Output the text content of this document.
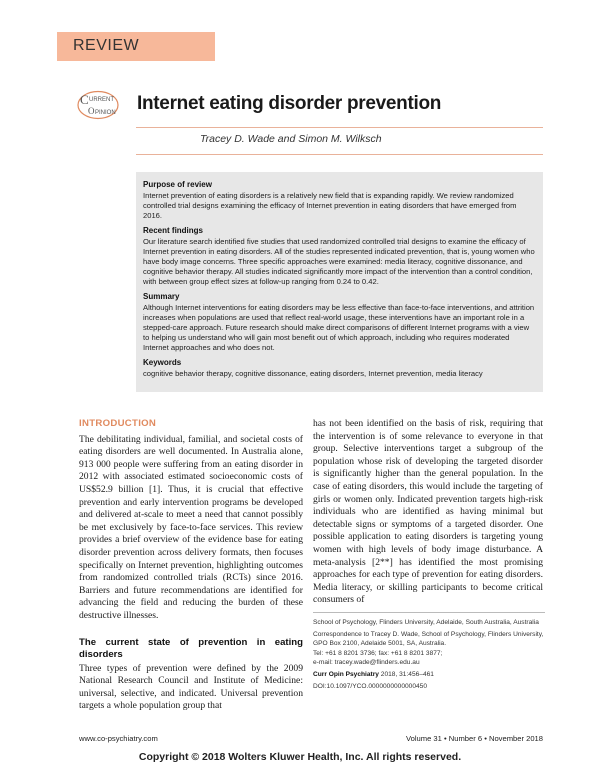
REVIEW
C URRENT
O PINION Internet eating disorder prevention
Tracey D. Wade and Simon M. Wilksch
Purpose of review

Internet prevention of eating disorders is a relatively new field that is expanding rapidly. We review randomized controlled trial designs examining the efficacy of Internet prevention in eating disorders that have emerged from 2016.

Recent findings

Our literature search identified five studies that used randomized controlled trial designs to examine the efficacy of Internet prevention in eating disorders. All of the studies represented indicated prevention, that is, young women who have body image concerns. Three specific approaches were examined: media literacy, cognitive dissonance, and cognitive behavior therapy. All studies indicated significantly more impact of the intervention than a control condition, with between group effect sizes at follow-up ranging from 0.24 to 0.42.

Summary

Although Internet interventions for eating disorders may be less effective than face-to-face interventions, and attrition increases when populations are used that reflect real-world usage, these interventions have an important role in a stepped-care approach. Future research should make direct comparisons of different Internet programs with a view to helping us understand who will gain most benefit out of which approach, including who requires moderated Internet approaches and who does not.

Keywords

cognitive behavior therapy, cognitive dissonance, eating disorders, Internet prevention, media literacy

INTRODUCTION

The debilitating individual, familial, and societal costs of eating disorders are well documented. In Australia alone, 913 000 people were suffering from an eating disorder in 2012 with associated estimated socioeconomic costs of US$52.9 billion [1]. Thus, it is crucial that effective prevention and early intervention programs be developed and delivered at-scale to meet a need that cannot possibly be met exclusively by face-to-face services. This review provides a brief overview of the evidence base for eating disorder prevention across delivery formats, then focuses specifically on Internet prevention, highlighting outcomes from randomized controlled trials (RCTs) since 2016. Barriers and future recommendations are identified for advancing the field and reducing the burden of these destructive illnesses.

The current state of prevention in eating disorders

Three types of prevention were defined by the 2009 National Research Council and Institute of Medicine: universal, selective, and indicated. Universal prevention targets a whole population group that

has not been identified on the basis of risk, requiring that the intervention is of some relevance to everyone in that group. Selective interventions target a subgroup of the population whose risk of developing the targeted disorder is significantly higher than the general population. In the case of eating disorders, this would include the targeting of girls or women only. Indicated prevention targets high-risk individuals who are identified as having minimal but detectable signs or symptoms of a targeted disorder. One possible application to eating disorders is targeting young women with high levels of body image disturbance. A meta-analysis [2**] has identified the most promising approaches for each type of prevention for eating disorders. Media literacy, or skilling participants to become critical consumers of

School of Psychology, Flinders University, Adelaide, South Australia, Australia
Correspondence to Tracey D. Wade, School of Psychology, Flinders University, GPO Box 2100, Adelaide 5001, SA, Australia.
Tel: +61 8 8201 3736; fax: +61 8 8201 3877;
e-mail: tracey.wade@flinders.edu.au
Curr Opin Psychiatry 2018, 31:456–461
DOI:10.1097/YCO.0000000000000450
www.co-psychiatry.com	Volume 31 • Number 6 • November 2018
Copyright © 2018 Wolters Kluwer Health, Inc. All rights reserved.
